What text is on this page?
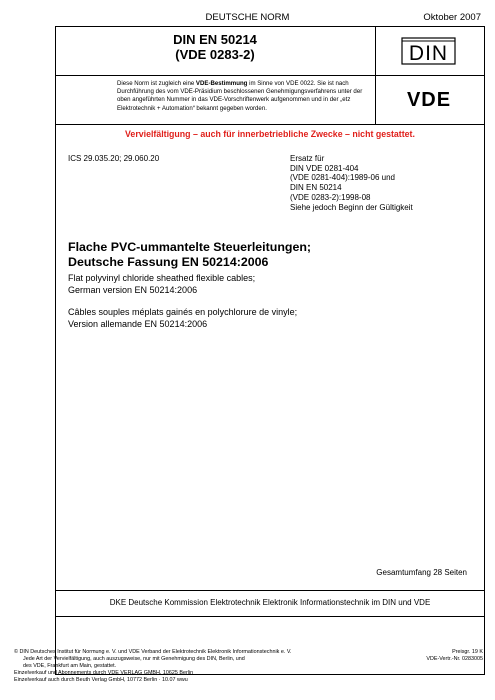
DEUTSCHE NORM	Oktober 2007
DIN EN 50214
(VDE 0283-2)	DIN
Diese Norm ist zugleich eine VDE-Bestimmung im Sinne von VDE 0022. Sie ist nach Durchführung des vom VDE-Präsidium beschlossenen Genehmigungsverfahrens unter der oben angeführten Nummer in das VDE-Vorschriftenwerk aufgenommen und in der „etz Elektrotechnik + Automation“ bekannt gegeben worden.	VDE
Vervielfältigung – auch für innerbetriebliche Zwecke – nicht gestattet.
ICS 29.035.20; 29.060.20	Ersatz für
DIN VDE 0281-404
(VDE 0281-404):1989-06 und
DIN EN 50214
(VDE 0283-2):1998-08
Siehe jedoch Beginn der Gültigkeit
Flache PVC-ummantelte Steuerleitungen;
Deutsche Fassung EN 50214:2006
Flat polyvinyl chloride sheathed flexible cables;
German version EN 50214:2006
Câbles souples méplats gainés en polychlorure de vinyle;
Version allemande EN 50214:2006
Gesamtumfang 28 Seiten
DKE Deutsche Kommission Elektrotechnik Elektronik Informationstechnik im DIN und VDE
© DIN Deutsches Institut für Normung e. V. und VDE Verband der Elektrotechnik Elektronik Informationstechnik e. V.
Jede Art der Vervielfältigung, auch auszugsweise, nur mit Genehmigung des DIN, Berlin, und
des VDE, Frankfurt am Main, gestattet.
Einzelverkauf und Abonnements durch VDE VERLAG GMBH, 10625 Berlin
Einzelverkauf auch durch Beuth Verlag GmbH, 10772 Berlin · 10.07 wwu
Preisgr. 19 K
VDE-Vertr.-Nr. 0283005
